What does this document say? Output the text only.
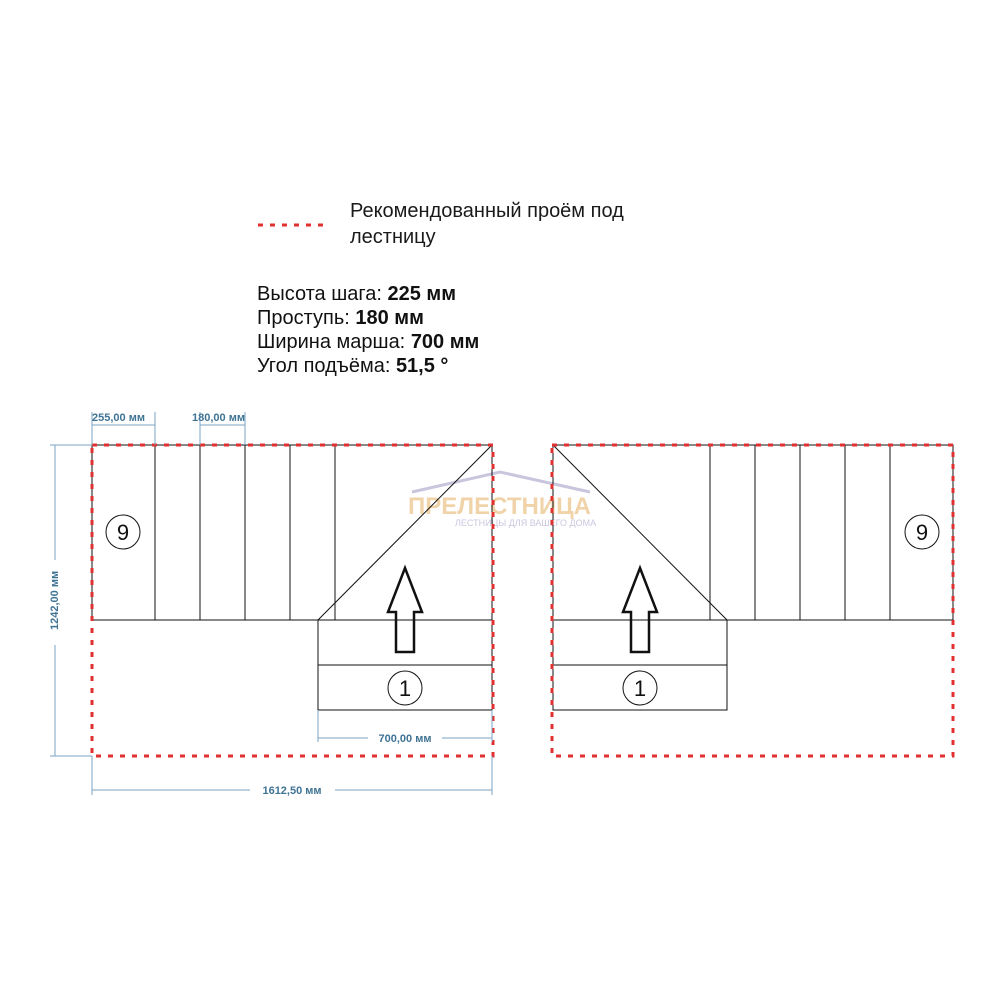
ПРЕЛЕСТНИЦА
ЛЕСТНИЦЫ ДЛЯ ВАШЕГО ДОМА
9
1
255,00 мм	180,00 мм
1242,00 мм
700,00 мм
1612,50 мм
9
1
Рекомендованный проём под лестницу
Высота шага: 225 мм
Проступь: 180 мм
Ширина марша: 700 мм
Угол подъёма: 51,5 °
